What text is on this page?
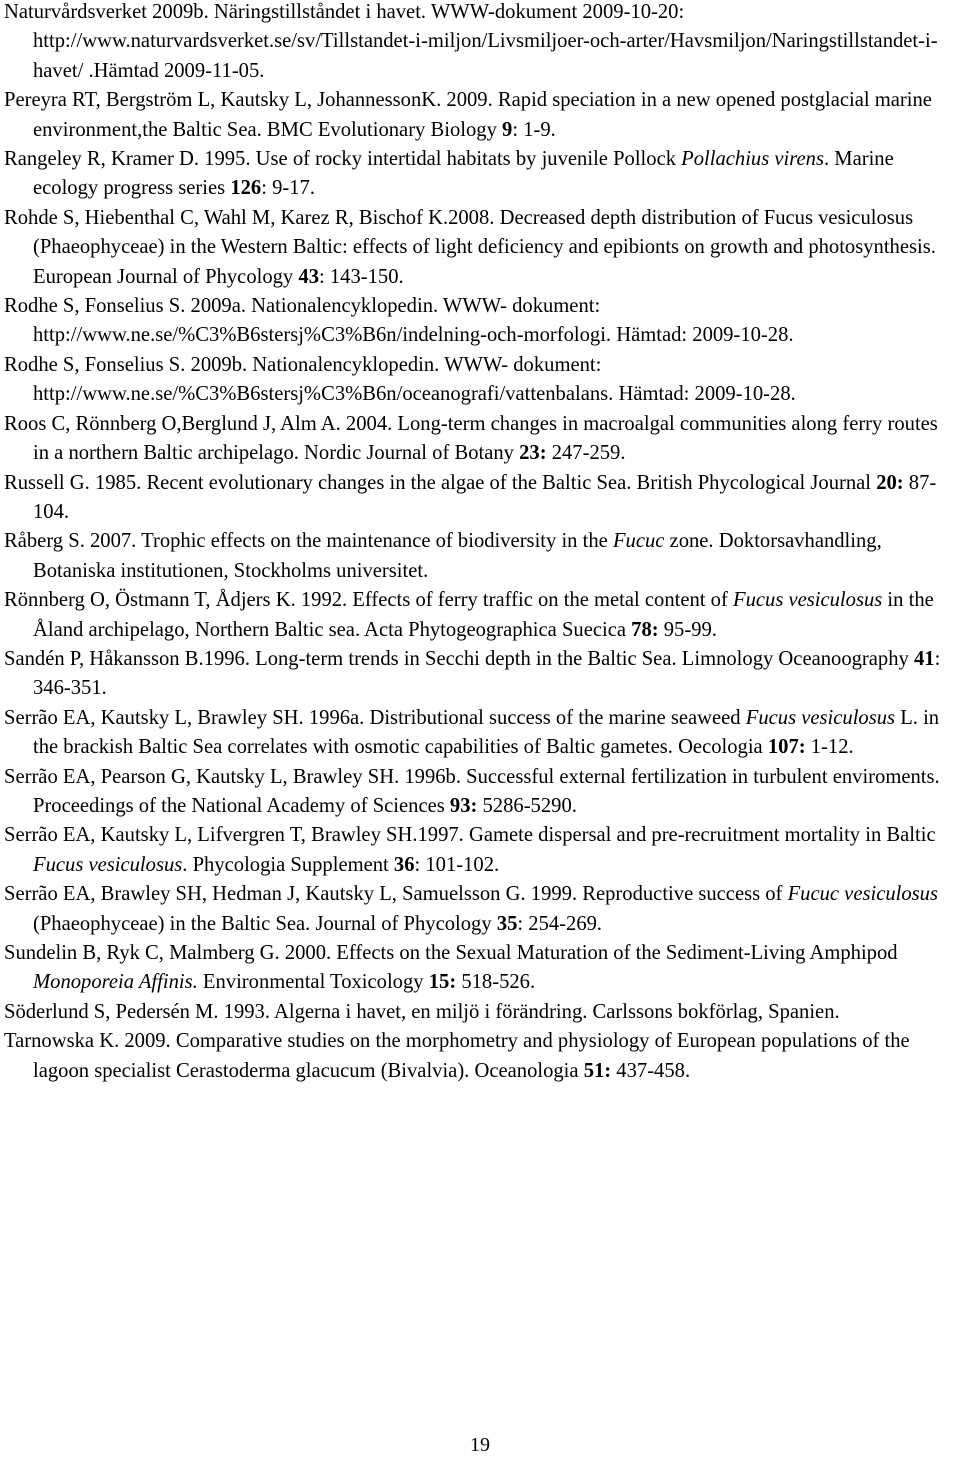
Naturvårdsverket 2009b. Näringstillståndet i havet. WWW-dokument 2009-10-20: http://www.naturvardsverket.se/sv/Tillstandet-i-miljon/Livsmiljoer-och-arter/Havsmiljon/Naringstillstandet-i-havet/ .Hämtad 2009-11-05.

Pereyra RT, Bergström L, Kautsky L, JohannessonK. 2009. Rapid speciation in a new opened postglacial marine environment,the Baltic Sea. BMC Evolutionary Biology 9: 1-9.

Rangeley R, Kramer D. 1995. Use of rocky intertidal habitats by juvenile Pollock Pollachius virens. Marine ecology progress series 126: 9-17.

Rohde S, Hiebenthal C, Wahl M, Karez R, Bischof K.2008. Decreased depth distribution of Fucus vesiculosus (Phaeophyceae) in the Western Baltic: effects of light deficiency and epibionts on growth and photosynthesis. European Journal of Phycology 43: 143-150.

Rodhe S, Fonselius S. 2009a. Nationalencyklopedin. WWW- dokument: http://www.ne.se/%C3%B6stersj%C3%B6n/indelning-och-morfologi. Hämtad: 2009-10-28.

Rodhe S, Fonselius S. 2009b. Nationalencyklopedin. WWW- dokument: http://www.ne.se/%C3%B6stersj%C3%B6n/oceanografi/vattenbalans. Hämtad: 2009-10-28.

Roos C, Rönnberg O,Berglund J, Alm A. 2004. Long-term changes in macroalgal communities along ferry routes in a northern Baltic archipelago. Nordic Journal of Botany 23: 247-259.

Russell G. 1985. Recent evolutionary changes in the algae of the Baltic Sea. British Phycological Journal 20: 87-104.

Råberg S. 2007. Trophic effects on the maintenance of biodiversity in the Fucuc zone. Doktorsavhandling, Botaniska institutionen, Stockholms universitet.

Rönnberg O, Östmann T, Ådjers K. 1992. Effects of ferry traffic on the metal content of Fucus vesiculosus in the Åland archipelago, Northern Baltic sea. Acta Phytogeographica Suecica 78: 95-99.

Sandén P, Håkansson B.1996. Long-term trends in Secchi depth in the Baltic Sea. Limnology Oceanoography 41: 346-351.

Serrão EA, Kautsky L, Brawley SH. 1996a. Distributional success of the marine seaweed Fucus vesiculosus L. in the brackish Baltic Sea correlates with osmotic capabilities of Baltic gametes. Oecologia 107: 1-12.

Serrão EA, Pearson G, Kautsky L, Brawley SH. 1996b. Successful external fertilization in turbulent enviroments. Proceedings of the National Academy of Sciences 93: 5286-5290.

Serrão EA, Kautsky L, Lifvergren T, Brawley SH.1997. Gamete dispersal and pre-recruitment mortality in Baltic Fucus vesiculosus. Phycologia Supplement 36: 101-102.

Serrão EA, Brawley SH, Hedman J, Kautsky L, Samuelsson G. 1999. Reproductive success of Fucuc vesiculosus (Phaeophyceae) in the Baltic Sea. Journal of Phycology 35: 254-269.

Sundelin B, Ryk C, Malmberg G. 2000. Effects on the Sexual Maturation of the Sediment-Living Amphipod Monoporeia Affinis. Environmental Toxicology 15: 518-526.

Söderlund S, Pedersén M. 1993. Algerna i havet, en miljö i förändring. Carlssons bokförlag, Spanien.

Tarnowska K. 2009. Comparative studies on the morphometry and physiology of European populations of the lagoon specialist Cerastoderma glacucum (Bivalvia). Oceanologia 51: 437-458.

19
